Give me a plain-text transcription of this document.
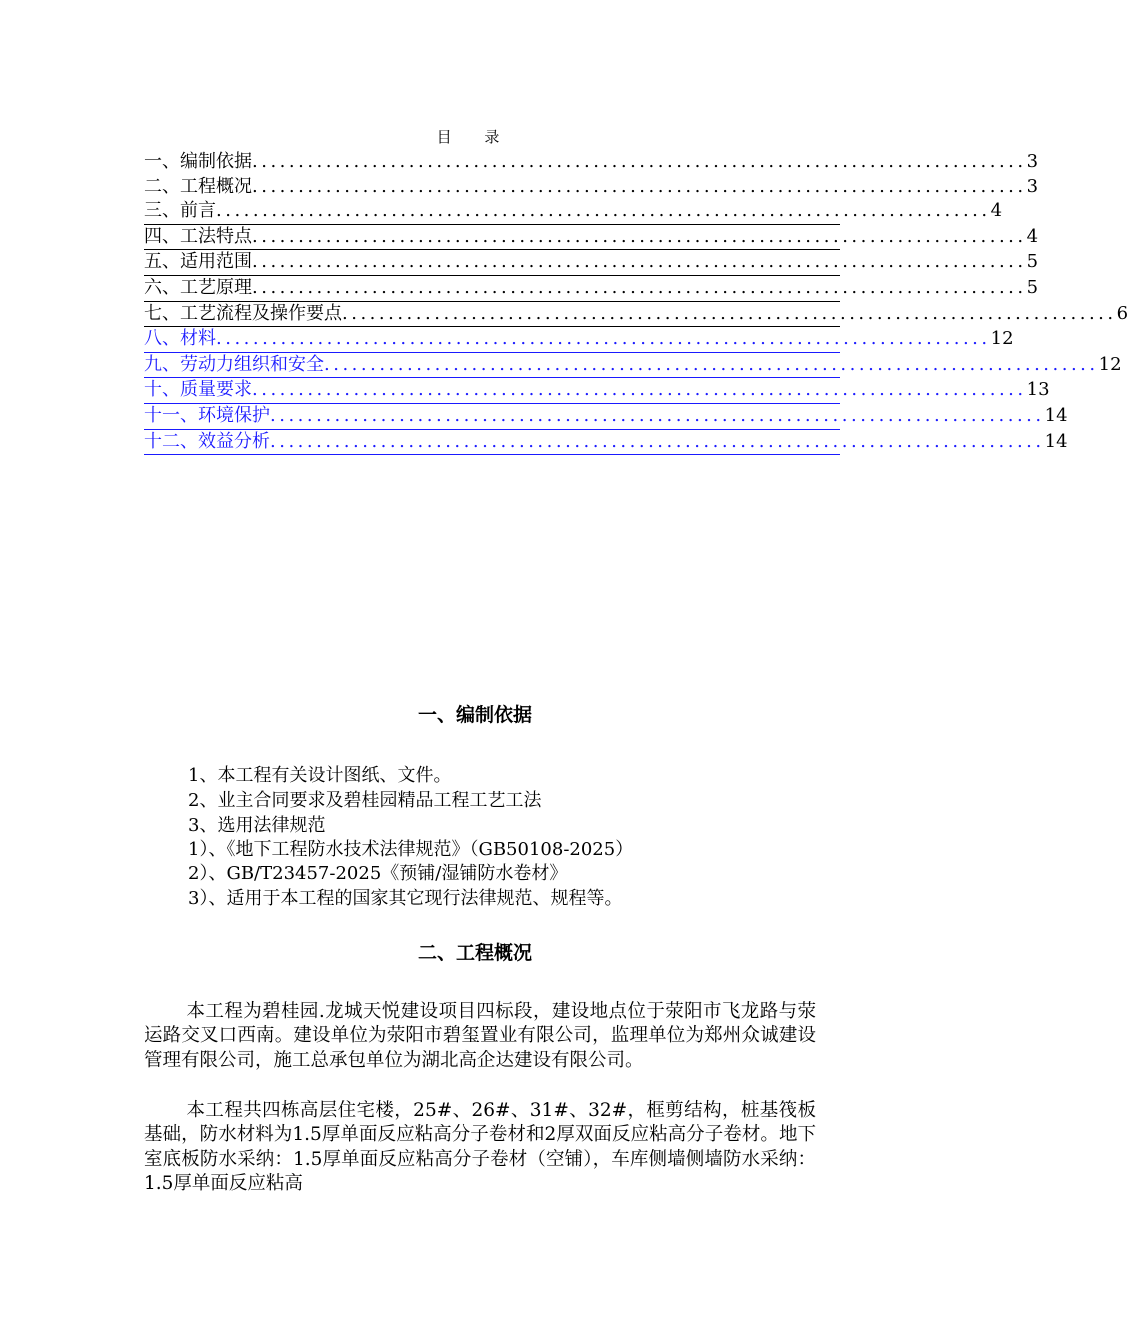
目 录
一、编制依据 .................................................................................... 3
二、工程概况 .................................................................................... 3
三、前言 .................................................................................... 4
四、工法特点 .................................................................................... 4
五、适用范围 .................................................................................... 5
六、工艺原理 .................................................................................... 5
七、工艺流程及操作要点 .................................................................................... 6
八、材料 .................................................................................... 12
九、劳动力组织和安全 .................................................................................... 12
十、质量要求 .................................................................................... 13
十一、环境保护 .................................................................................... 14
十二、效益分析 .................................................................................... 14
一、编制依据
1、本工程有关设计图纸、文件。
2、业主合同要求及碧桂园精品工程工艺工法
3、选用法律规范
1）、《地下工程防水技术法律规范》（GB50108-2025）
2）、GB/T23457-2025《预铺/湿铺防水卷材》
3）、适用于本工程的国家其它现行法律规范、规程等。
二、工程概况
本工程为碧桂园.龙城天悦建设项目四标段，建设地点位于荥阳市飞龙路与荥运路交叉口西南。建设单位为荥阳市碧玺置业有限公司，监理单位为郑州众诚建设管理有限公司，施工总承包单位为湖北高企达建设有限公司。
本工程共四栋高层住宅楼，25#、26#、31#、32#，框剪结构，桩基筏板基础，防水材料为1.5厚单面反应粘高分子卷材和2厚双面反应粘高分子卷材。地下室底板防水采纳：1.5厚单面反应粘高分子卷材（空铺），车库侧墙侧墙防水采纳：1.5厚单面反应粘高
